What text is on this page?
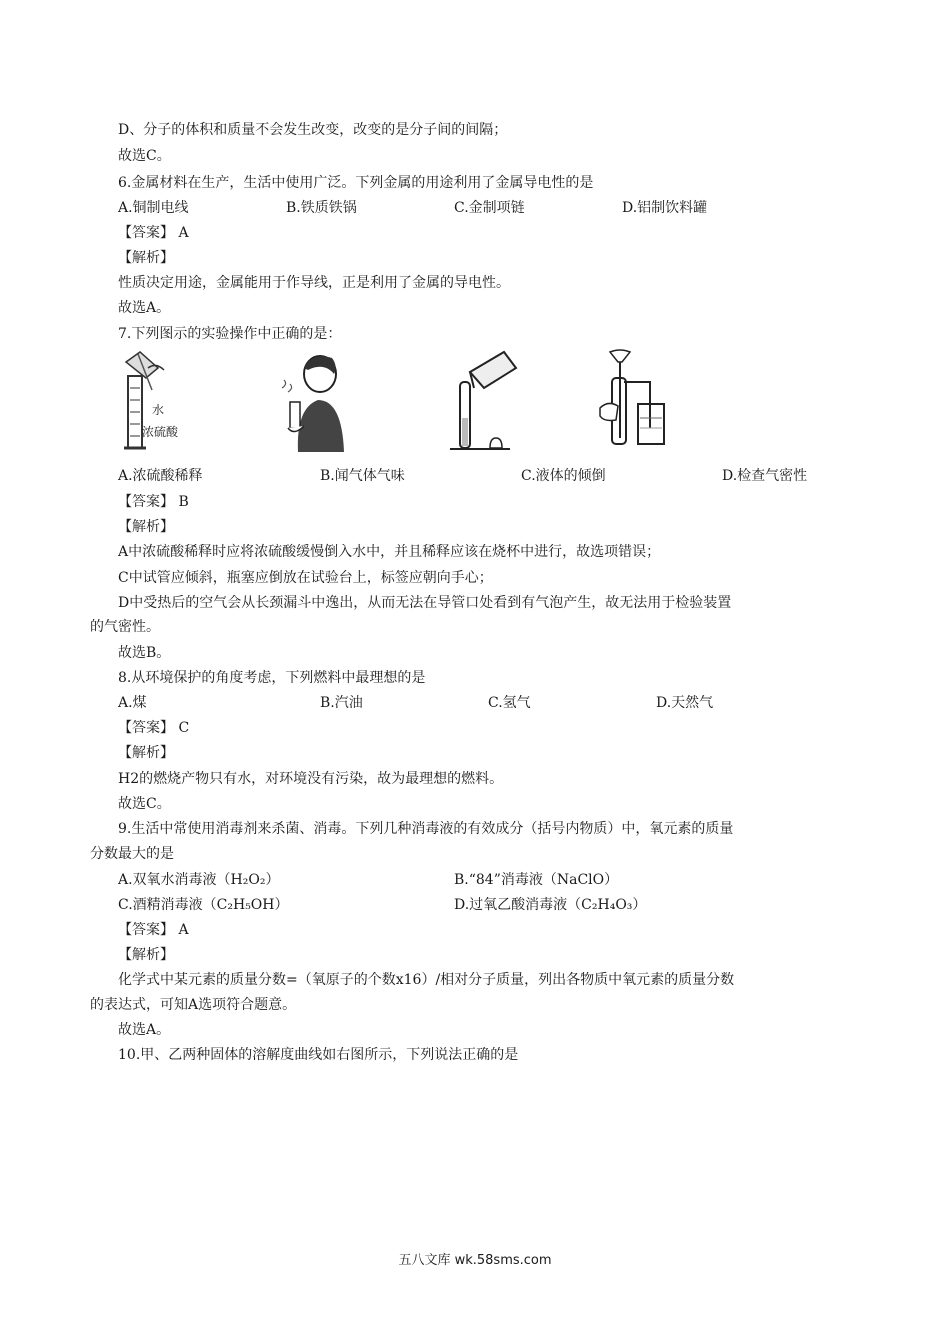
D、分子的体积和质量不会发生改变，改变的是分子间的间隔；
故选C。
6.金属材料在生产，生活中使用广泛。下列金属的用途利用了金属导电性的是
A.铜制电线	B.铁质铁锅	C.金制项链	D.铝制饮料罐
【答案】 A
【解析】
性质决定用途，金属能用于作导线，正是利用了金属的导电性。
故选A。
7.下列图示的实验操作中正确的是：
水
浓硫酸
A.浓硫酸稀释	B.闻气体气味	C.液体的倾倒	D.检查气密性
【答案】 B
【解析】
A中浓硫酸稀释时应将浓硫酸缓慢倒入水中，并且稀释应该在烧杯中进行，故选项错误；
C中试管应倾斜，瓶塞应倒放在试验台上，标签应朝向手心；
D中受热后的空气会从长颈漏斗中逸出，从而无法在导管口处看到有气泡产生，故无法用于检验装置
的气密性。
故选B。
8.从环境保护的角度考虑，下列燃料中最理想的是
A.煤	B.汽油	C.氢气	D.天然气
【答案】 C
【解析】
H2的燃烧产物只有水，对环境没有污染，故为最理想的燃料。
故选C。
9.生活中常使用消毒剂来杀菌、消毒。下列几种消毒液的有效成分（括号内物质）中，氧元素的质量
分数最大的是
A.双氧水消毒液（H₂O₂）	B.“84”消毒液（NaClO）
C.酒精消毒液（C₂H₅OH）	D.过氧乙酸消毒液（C₂H₄O₃）
【答案】 A
【解析】
化学式中某元素的质量分数=（氧原子的个数x16）/相对分子质量，列出各物质中氧元素的质量分数
的表达式，可知A选项符合题意。
故选A。
10.甲、乙两种固体的溶解度曲线如右图所示，下列说法正确的是
五八文库 wk.58sms.com
